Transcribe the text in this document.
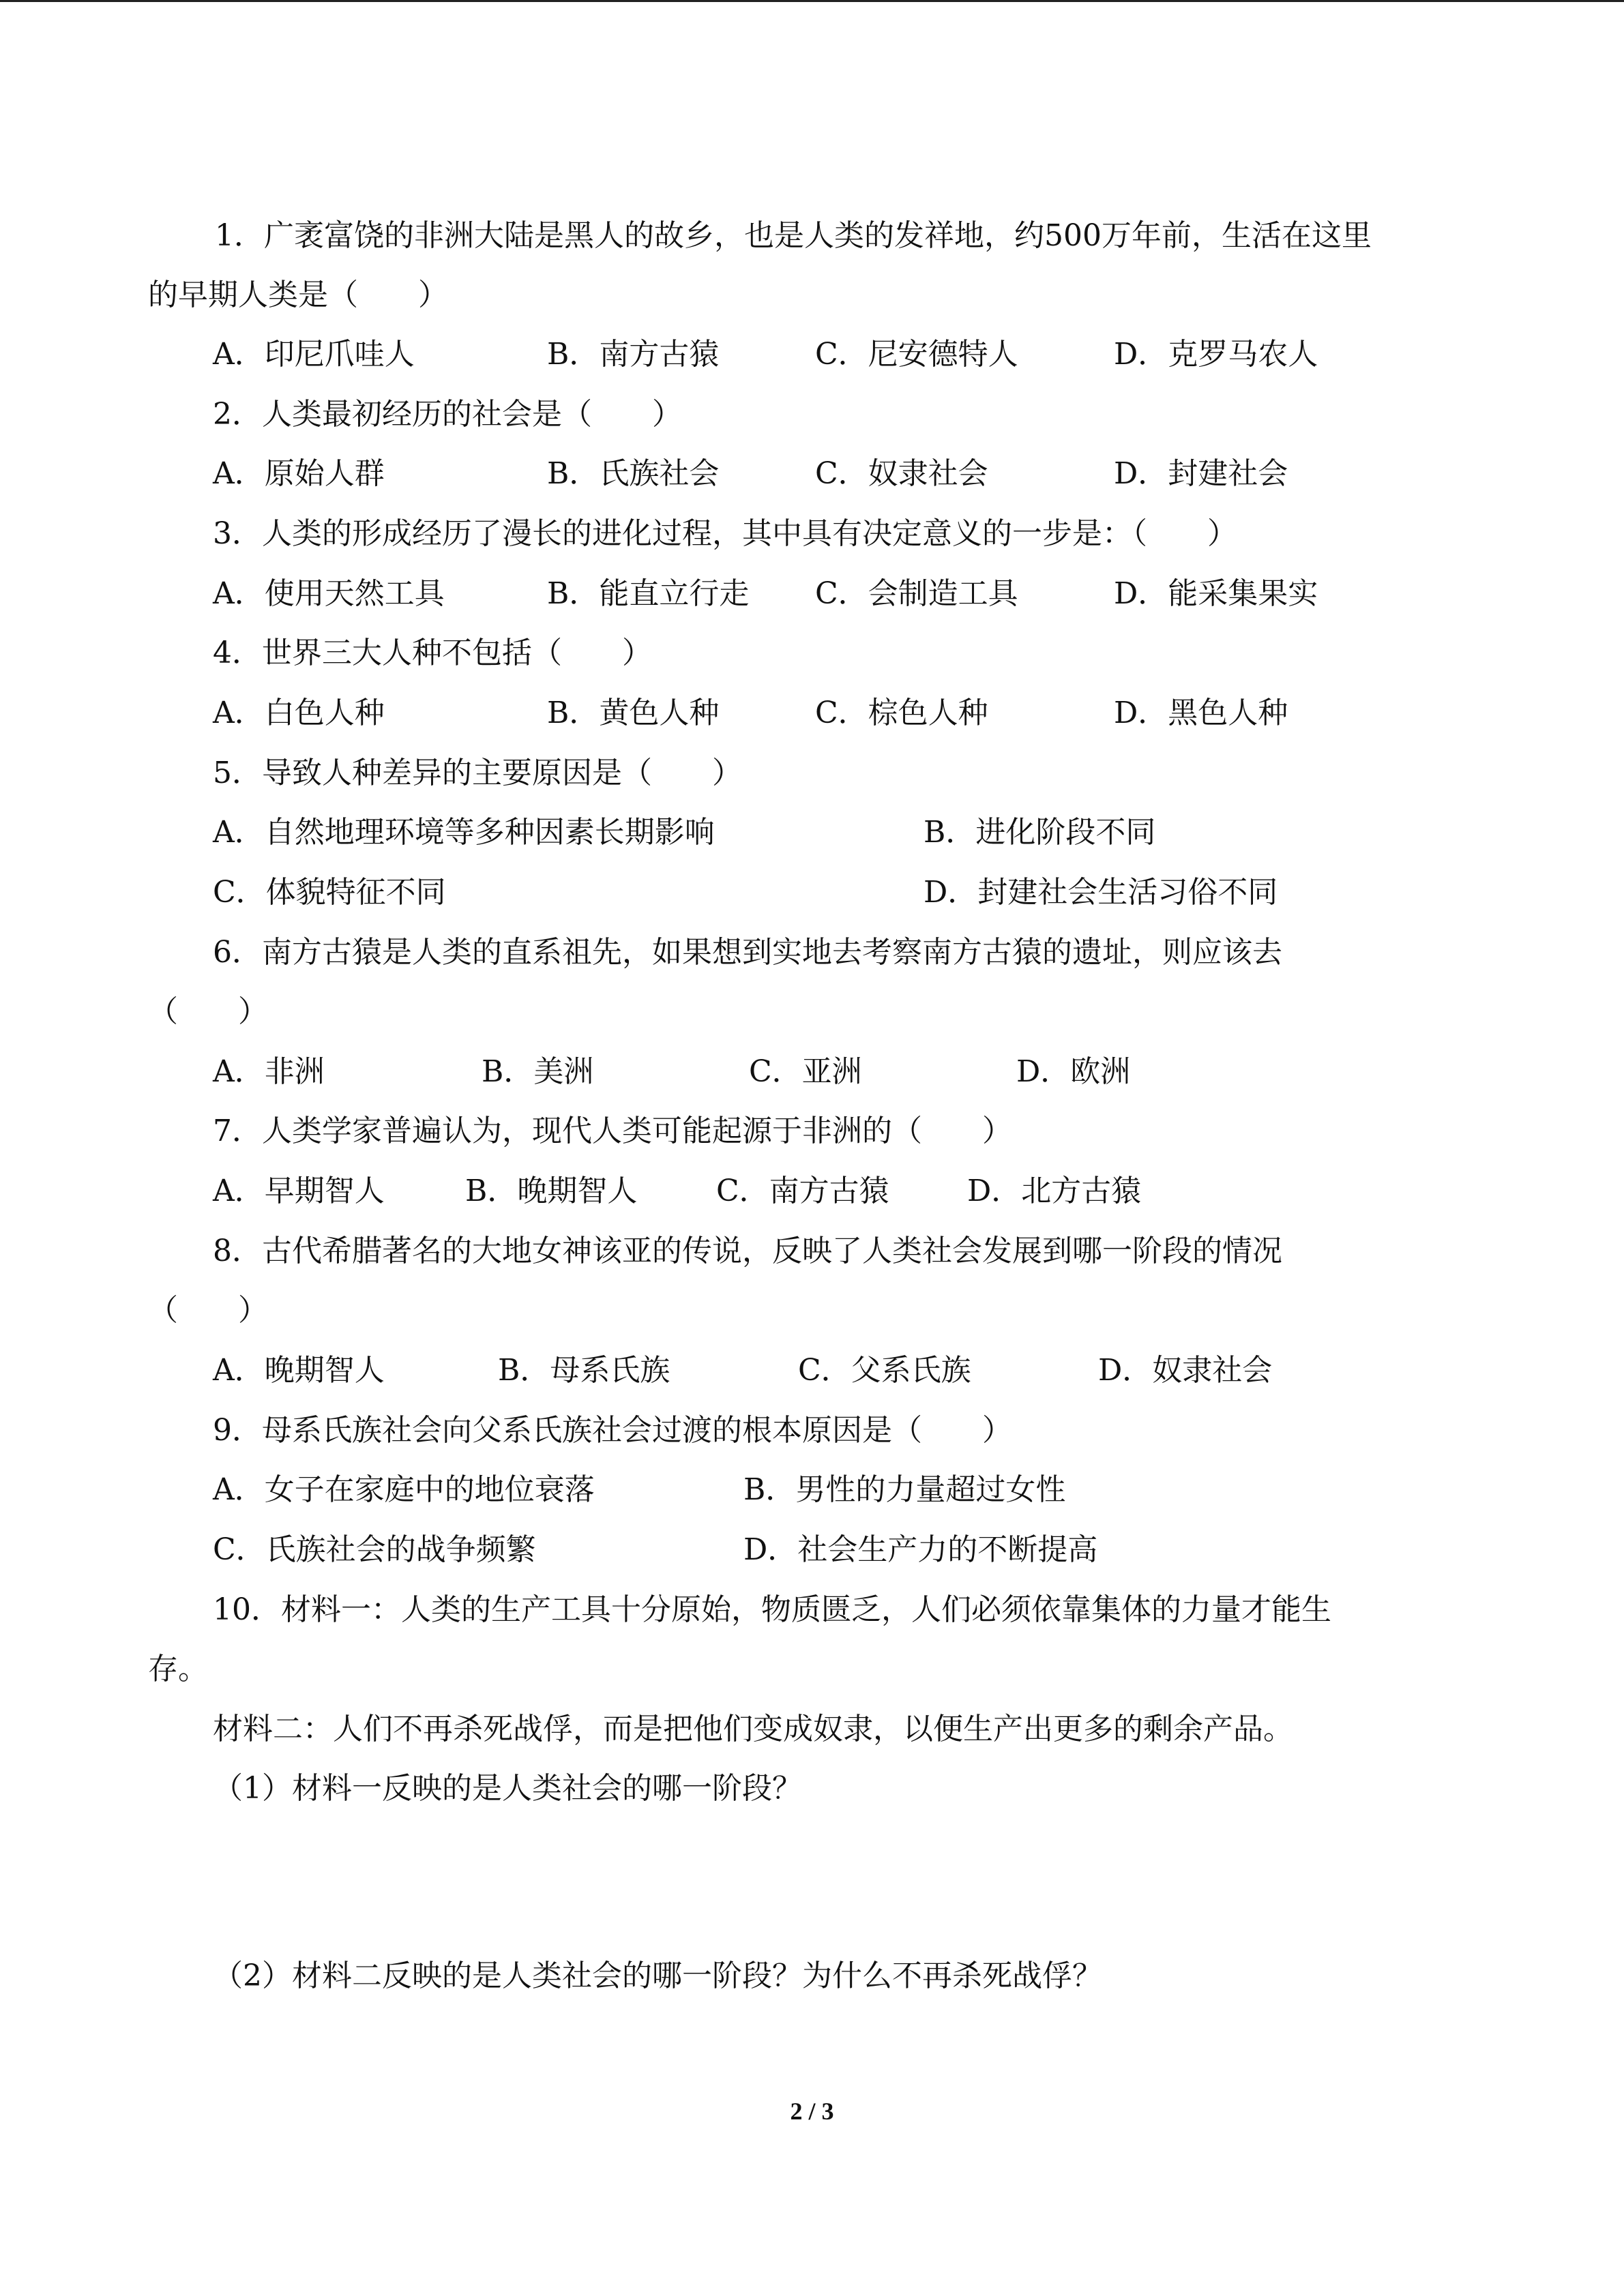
1．广袤富饶的非洲大陆是黑人的故乡，也是人类的发祥地，约500万年前，生活在这里
的早期人类是（　　）
A．印尼爪哇人	B．南方古猿	C．尼安德特人	D．克罗马农人
2．人类最初经历的社会是（　　）
A．原始人群	B．氏族社会	C．奴隶社会	D．封建社会
3．人类的形成经历了漫长的进化过程，其中具有决定意义的一步是：（　　）
A．使用天然工具	B．能直立行走 C．会制造工具	D．能采集果实
4．世界三大人种不包括（　　）
A．白色人种	B．黄色人种	C．棕色人种	D．黑色人种
5．导致人种差异的主要原因是（　　）
A．自然地理环境等多种因素长期影响	B．进化阶段不同
C．体貌特征不同	D．封建社会生活习俗不同
6．南方古猿是人类的直系祖先，如果想到实地去考察南方古猿的遗址，则应该去
（　　）
A．非洲	B．美洲	C．亚洲	D．欧洲
7．人类学家普遍认为，现代人类可能起源于非洲的（　　）
A．早期智人	B．晚期智人	C．南方古猿	D．北方古猿
8．古代希腊著名的大地女神该亚的传说，反映了人类社会发展到哪一阶段的情况
（　　）
A．晚期智人	B．母系氏族	C．父系氏族	D．奴隶社会
9．母系氏族社会向父系氏族社会过渡的根本原因是（　　）
A．女子在家庭中的地位衰落	B．男性的力量超过女性
C．氏族社会的战争频繁	D．社会生产力的不断提高
10．材料一：人类的生产工具十分原始，物质匮乏，人们必须依靠集体的力量才能生
存。
材料二：人们不再杀死战俘，而是把他们变成奴隶，以便生产出更多的剩余产品。
（1）材料一反映的是人类社会的哪一阶段？
（2）材料二反映的是人类社会的哪一阶段？为什么不再杀死战俘？
2 / 3
